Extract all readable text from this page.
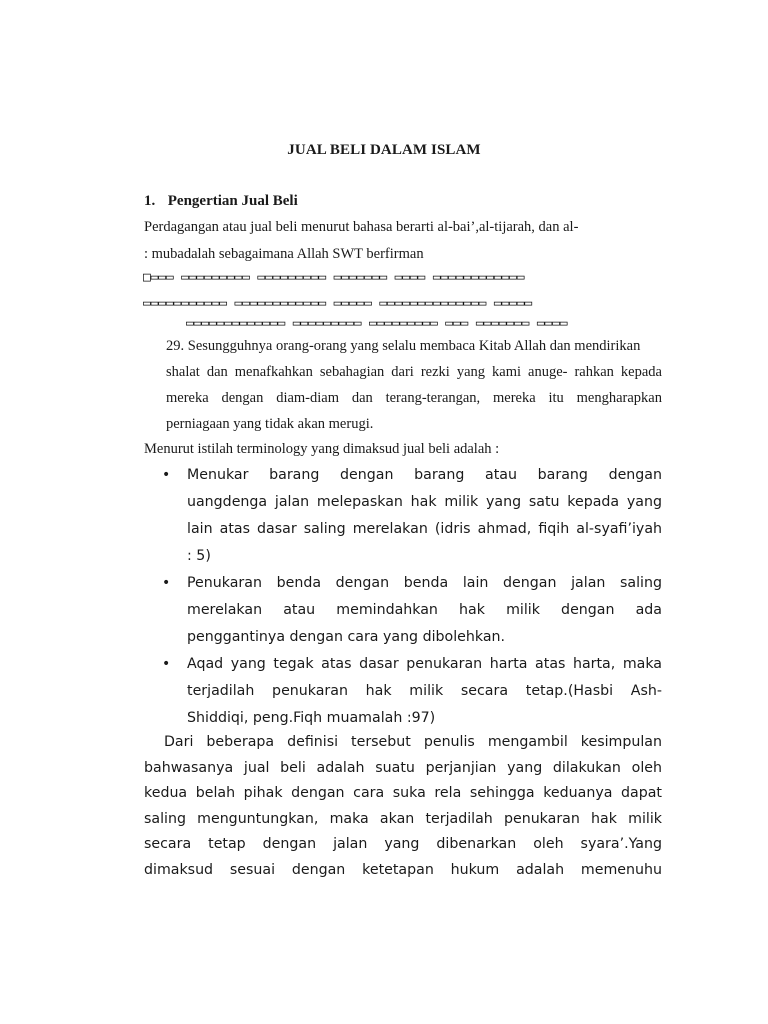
JUAL BELI DALAM ISLAM
1. Pengertian Jual Beli
Perdagangan atau jual beli menurut bahasa berarti al-bai’,al-tijarah, dan al-
: mubadalah sebagaimana Allah SWT berfirman
□▭▭▭ ▭▭▭▭▭▭▭▭▭ ▭▭▭▭▭▭▭▭▭ ▭▭▭▭▭▭▭ ▭▭▭▭ ▭▭▭▭▭▭▭▭▭▭▭▭
▭▭▭▭▭▭▭▭▭▭▭ ▭▭▭▭▭▭▭▭▭▭▭▭ ▭▭▭▭▭ ▭▭▭▭▭▭▭▭▭▭▭▭▭▭ ▭▭▭▭▭
▭▭▭▭▭▭▭▭▭▭▭▭▭ ▭▭▭▭▭▭▭▭▭ ▭▭▭▭▭▭▭▭▭ ▭▭▭ ▭▭▭▭▭▭▭ ▭▭▭▭
29. Sesungguhnya orang-orang yang selalu membaca Kitab Allah dan mendirikan
shalat dan menafkahkan sebahagian dari rezki yang kami anuge- rahkan kepada
mereka dengan diam-diam dan terang-terangan, mereka itu mengharapkan
perniagaan yang tidak akan merugi.
Menurut istilah terminology yang dimaksud jual beli adalah :
• Menukar barang dengan barang atau barang dengan
uangdenga jalan melepaskan hak milik yang satu kepada yang
lain atas dasar saling merelakan (idris ahmad, fiqih al-syafi’iyah
: 5)
• Penukaran benda dengan benda lain dengan jalan saling
merelakan atau memindahkan hak milik dengan ada
penggantinya dengan cara yang dibolehkan.
• Aqad yang tegak atas dasar penukaran harta atas harta, maka
terjadilah penukaran hak milik secara tetap.(Hasbi Ash-
Shiddiqi, peng.Fiqh muamalah :97)
Dari beberapa definisi tersebut penulis mengambil kesimpulan
bahwasanya jual beli adalah suatu perjanjian yang dilakukan oleh
kedua belah pihak dengan cara suka rela sehingga keduanya dapat
saling menguntungkan, maka akan terjadilah penukaran hak milik
secara tetap dengan jalan yang dibenarkan oleh syara’.Yang
dimaksud sesuai dengan ketetapan hukum adalah memenuhu
